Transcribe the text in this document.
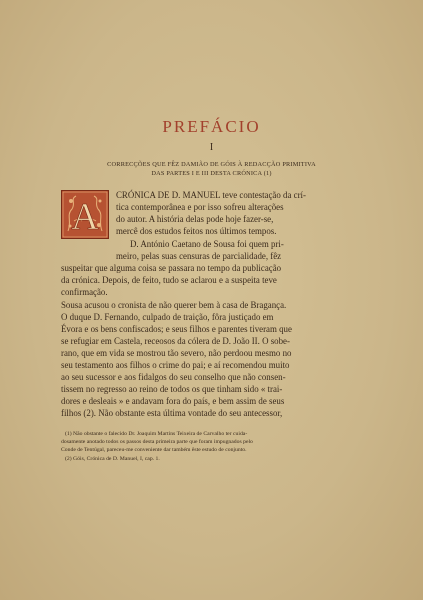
PREFÁCIO
I
CORRECÇÕES QUE FÊZ DAMIÃO DE GÓIS À REDACÇÃO PRIMITIVA
DAS PARTES I E III DESTA CRÓNICA (1)
A
CRÓNICA DE D. MANUEL teve contestação da crí-
tica contemporânea e por isso sofreu alterações
do autor. A história delas pode hoje fazer-se,
mercê dos estudos feitos nos últimos tempos.
D. António Caetano de Sousa foi quem pri-
meiro, pelas suas censuras de parcialidade, fêz
suspeitar que alguma coisa se passara no tempo da publicação
da crónica. Depois, de feito, tudo se aclarou e a suspeita teve
confirmação.
Sousa acusou o cronista de não querer bem à casa de Bragança.
O duque D. Fernando, culpado de traição, fôra justiçado em
Évora e os bens confiscados; e seus filhos e parentes tiveram que
se refugiar em Castela, receosos da cólera de D. João II. O sobe-
rano, que em vida se mostrou tão severo, não perdoou mesmo no
seu testamento aos filhos o crime do pai; e aí recomendou muito
ao seu sucessor e aos fidalgos do seu conselho que não consen-
tissem no regresso ao reino de todos os que tinham sido « trai-
dores e desleais » e andavam fora do país, e bem assim de seus
filhos (2). Não obstante esta última vontade do seu antecessor,
(1) Não obstante o falecido Dr. Joaquim Martins Teixeira de Carvalho ter cuida-
dosamente anotado todos os passos desta primeira parte que foram impugnados pelo
Conde de Tentúgal, pareceu-me conveniente dar também êste estudo de conjunto.
(2) Góis, Crónica de D. Manuel, I, cap. 1.
